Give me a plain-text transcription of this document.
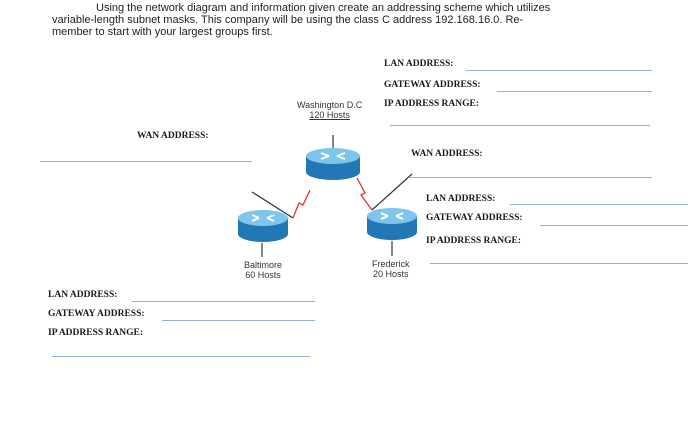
Using the network diagram and information given create an addressing scheme which utilizes
variable-length subnet masks. This company will be using the class C address 192.168.16.0. Re-
member to start with your largest groups first.
Washington D.C
120 Hosts
Baltimore
60 Hosts
Frederick
20 Hosts
LAN ADDRESS:
GATEWAY ADDRESS:
IP ADDRESS RANGE:
WAN ADDRESS:
WAN ADDRESS:
LAN ADDRESS:
GATEWAY ADDRESS:
IP ADDRESS RANGE:
LAN ADDRESS:
GATEWAY ADDRESS:
IP ADDRESS RANGE:
